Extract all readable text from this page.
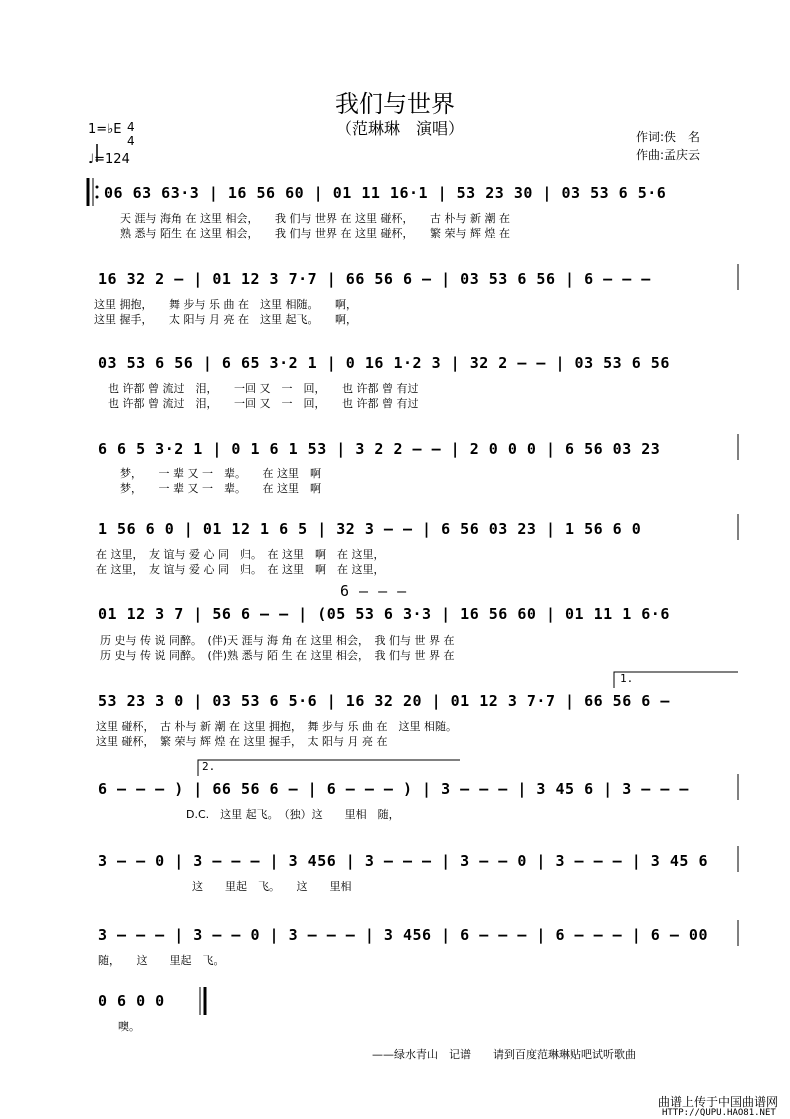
我们与世界
（范琳琳　演唱）
1=♭E 4
4
♩=124
作词:佚　名
作曲:孟庆云
06 63 63·3 | 16 56 60 | 01 11 16·1 | 53 23 30 | 03 53 6 5·6
天 涯与 海角 在 这里 相会，　　我 们与 世界 在 这里 碰杯，　　古 朴与 新 潮 在
熟 悉与 陌生 在 这里 相会，　　我 们与 世界 在 这里 碰杯，　　繁 荣与 辉 煌 在
16 32 2 – | 01 12 3 7·7 | 66 56 6 – | 03 53 6 56 | 6 – – –
这里 拥抱，　　舞 步与 乐 曲 在　这里 相随。　　啊，
这里 握手，　　太 阳与 月 亮 在　这里 起飞。　　啊，
03 53 6 56 | 6 65 3·2 1 | 0 16 1·2 3 | 32 2 – – | 03 53 6 56
也 许都 曾 流过　泪，　　一回 又　一　回，　　也 许都 曾 有过
也 许都 曾 流过　泪，　　一回 又　一　回，　　也 许都 曾 有过
6 6 5 3·2 1 | 0 1 6 1 53 | 3 2 2 – – | 2 0 0 0 | 6 56 03 23
梦，　　一 辈 又 一　辈。　　在 这里　啊
梦，　　一 辈 又 一　辈。　　在 这里　啊
1 56 6 0 | 01 12 1 6 5 | 32 3 – – | 6 56 03 23 | 1 56 6 0
在 这里，　友 谊与 爱 心 同　归。　在 这里　啊　在 这里，
在 这里，　友 谊与 爱 心 同　归。　在 这里　啊　在 这里，
6 – – –
01 12 3 7 | 56 6 – – | (05 53 6 3·3 | 16 56 60 | 01 11 1 6·6
历 史与 传 说 同醉。　(伴)天 涯与 海 角 在 这里 相会，　我 们与 世 界 在
历 史与 传 说 同醉。　(伴)熟 悉与 陌 生 在 这里 相会，　我 们与 世 界 在
1.
53 23 3 0 | 03 53 6 5·6 | 16 32 20 | 01 12 3 7·7 | 66 56 6 –
这里 碰杯，　古 朴与 新 潮 在 这里 拥抱，　舞 步与 乐 曲 在　这里 相随。
这里 碰杯，　繁 荣与 辉 煌 在 这里 握手，　太 阳与 月 亮 在
2.
6 – – – ) | 66 56 6 – | 6 – – – ) | 3 – – – | 3 45 6 | 3 – – –
D.C.　这里 起飞。　（独）这　　里相　随，
3 – – 0 | 3 – – – | 3 456 | 3 – – – | 3 – – 0 | 3 – – – | 3 45 6
这　　里起　飞。　　这　　里相
3 – – – | 3 – – 0 | 3 – – – | 3 456 | 6 – – – | 6 – – – | 6 – 00
随，　　这　　里起　飞。
0 6 0 0
噢。
——绿水青山　记谱　　请到百度范琳琳贴吧试听歌曲
曲谱上传于中国曲谱网
HTTP://QUPU.HAO81.NET
